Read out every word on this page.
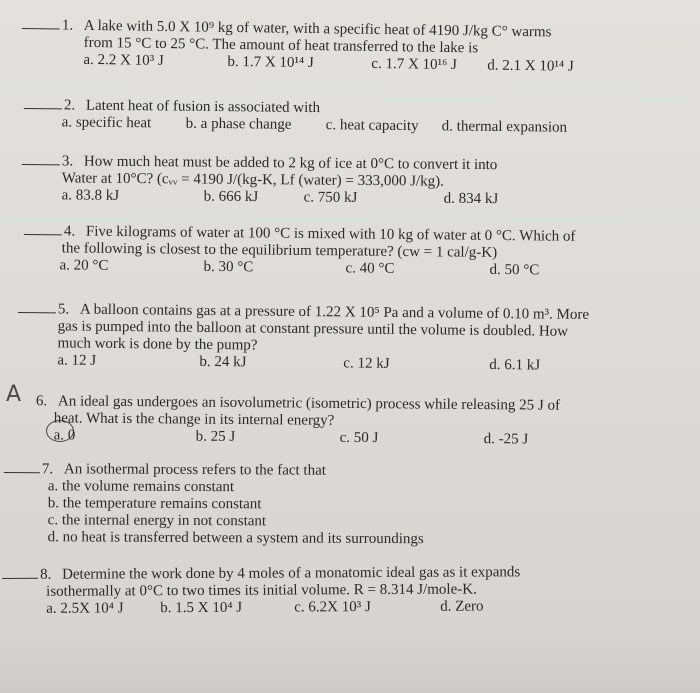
1. A lake with 5.0 X 10⁹ kg of water, with a specific heat of 4190 J/kg C° warms
from 15 °C to 25 °C. The amount of heat transferred to the lake is
a. 2.2 X 10³ J	b. 1.7 X 10¹⁴ J	c. 1.7 X 10¹⁶ J d. 2.1 X 10¹⁴ J
2. Latent heat of fusion is associated with
a. specific heat b. a phase change c. heat capacity d. thermal expansion
3. How much heat must be added to 2 kg of ice at 0°C to convert it into
Water at 10°C? (cᵥᵥ = 4190 J/(kg-K, Lf (water) = 333,000 J/kg).
a. 83.8 kJ	b. 666 kJ	c. 750 kJ	d. 834 kJ
4. Five kilograms of water at 100 °C is mixed with 10 kg of water at 0 °C. Which of
the following is closest to the equilibrium temperature? (cw = 1 cal/g-K)
a. 20 °C	b. 30 °C	c. 40 °C	d. 50 °C
5. A balloon contains gas at a pressure of 1.22 X 10⁵ Pa and a volume of 0.10 m³. More
gas is pumped into the balloon at constant pressure until the volume is doubled. How
much work is done by the pump?
a. 12 J	b. 24 kJ	c. 12 kJ	d. 6.1 kJ
A 6. An ideal gas undergoes an isovolumetric (isometric) process while releasing 25 J of
heat. What is the change in its internal energy?
a. 0	b. 25 J	c. 50 J	d. -25 J
7. An isothermal process refers to the fact that
a. the volume remains constant
b. the temperature remains constant
c. the internal energy in not constant
d. no heat is transferred between a system and its surroundings
8. Determine the work done by 4 moles of a monatomic ideal gas as it expands
isothermally at 0°C to two times its initial volume. R = 8.314 J/mole-K.
a. 2.5X 10⁴ J b. 1.5 X 10⁴ J	c. 6.2X 10³ J	d. Zero
